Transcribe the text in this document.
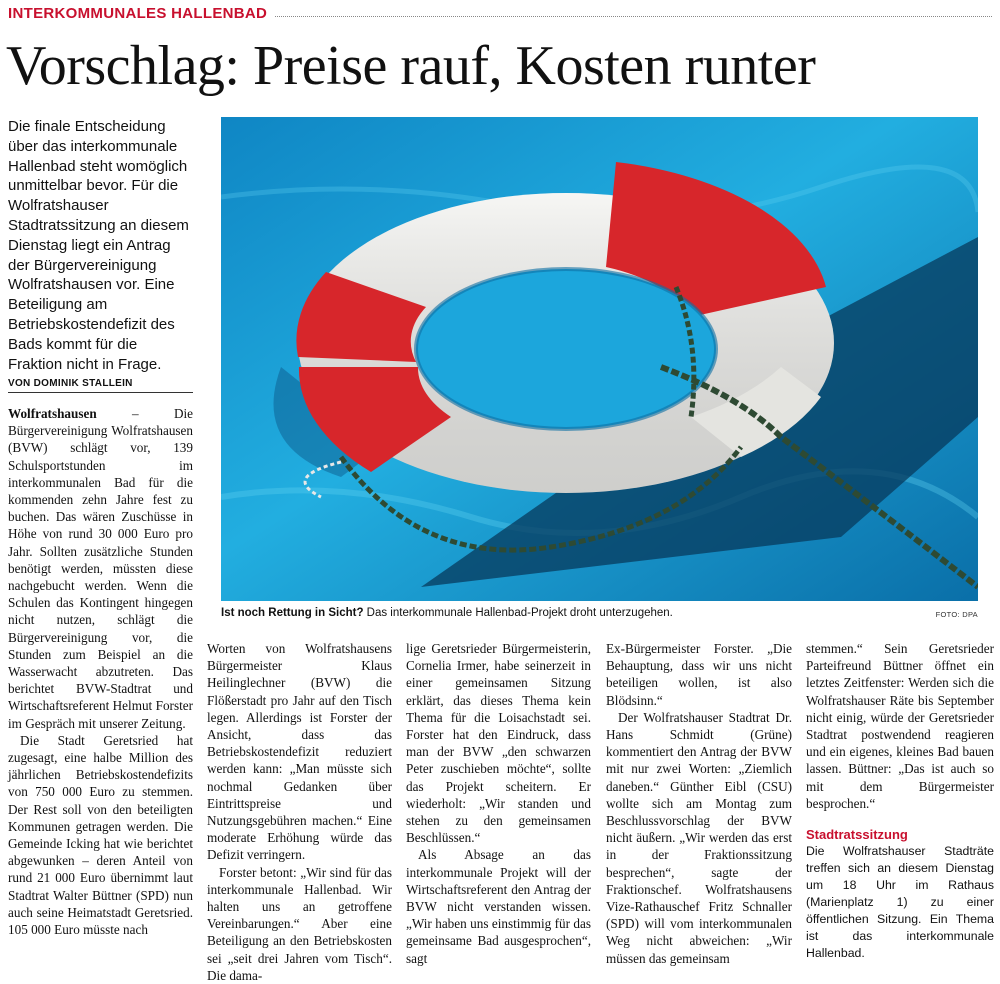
INTERKOMMUNALES HALLENBAD
Vorschlag: Preise rauf, Kosten runter
Die finale Entscheidung über das interkommunale Hallenbad steht womöglich unmittelbar bevor. Für die Wolfratshauser Stadtratssitzung an diesem Dienstag liegt ein Antrag der Bürgervereinigung Wolfratshausen vor. Eine Beteiligung am Betriebskostendefizit des Bads kommt für die Fraktion nicht in Frage.
VON DOMINIK STALLEIN
Ist noch Rettung in Sicht? Das interkommunale Hallenbad-Projekt droht unterzugehen.	FOTO: DPA

Wolfratshausen – Die Bürgervereinigung Wolfratshausen (BVW) schlägt vor, 139 Schulsportstunden im interkommunalen Bad für die kommenden zehn Jahre fest zu buchen. Das wären Zuschüsse in Höhe von rund 30 000 Euro pro Jahr. Sollten zusätzliche Stunden benötigt werden, müssten diese nachgebucht werden. Wenn die Schulen das Kontingent hingegen nicht nutzen, schlägt die Bürgervereinigung vor, die Stunden zum Beispiel an die Wasserwacht abzutreten. Das berichtet BVW-Stadtrat und Wirtschaftsreferent Helmut Forster im Gespräch mit unserer Zeitung.

Die Stadt Geretsried hat zugesagt, eine halbe Million des jährlichen Betriebskostendefizits von 750 000 Euro zu stemmen. Der Rest soll von den beteiligten Kommunen getragen werden. Die Gemeinde Icking hat wie berichtet abgewunken – deren Anteil von rund 21 000 Euro übernimmt laut Stadtrat Walter Büttner (SPD) nun auch seine Heimatstadt Geretsried. 105 000 Euro müsste nach

Worten von Wolfratshausens Bürgermeister Klaus Heilinglechner (BVW) die Flößerstadt pro Jahr auf den Tisch legen. Allerdings ist Forster der Ansicht, dass das Betriebskostendefizit reduziert werden kann: „Man müsste sich nochmal Gedanken über Eintrittspreise und Nutzungsgebühren machen.“ Eine moderate Erhöhung würde das Defizit verringern.

Forster betont: „Wir sind für das interkommunale Hallenbad. Wir halten uns an getroffene Vereinbarungen.“ Aber eine Beteiligung an den Betriebskosten sei „seit drei Jahren vom Tisch“. Die dama-

lige Geretsrieder Bürgermeisterin, Cornelia Irmer, habe seinerzeit in einer gemeinsamen Sitzung erklärt, das dieses Thema kein Thema für die Loisachstadt sei. Forster hat den Eindruck, dass man der BVW „den schwarzen Peter zuschieben möchte“, sollte das Projekt scheitern. Er wiederholt: „Wir standen und stehen zu den gemeinsamen Beschlüssen.“

Als Absage an das interkommunale Projekt will der Wirtschaftsreferent den Antrag der BVW nicht verstanden wissen. „Wir haben uns einstimmig für das gemeinsame Bad ausgesprochen“, sagt

Ex-Bürgermeister Forster. „Die Behauptung, dass wir uns nicht beteiligen wollen, ist also Blödsinn.“

Der Wolfratshauser Stadtrat Dr. Hans Schmidt (Grüne) kommentiert den Antrag der BVW mit nur zwei Worten: „Ziemlich daneben.“ Günther Eibl (CSU) wollte sich am Montag zum Beschlussvorschlag der BVW nicht äußern. „Wir werden das erst in der Fraktionssitzung besprechen“, sagte der Fraktionschef. Wolfratshausens Vize-Rathauschef Fritz Schnaller (SPD) will vom interkommunalen Weg nicht abweichen: „Wir müssen das gemeinsam

stemmen.“ Sein Geretsrieder Parteifreund Büttner öffnet ein letztes Zeitfenster: Werden sich die Wolfratshauser Räte bis September nicht einig, würde der Geretsrieder Stadtrat postwendend reagieren und ein eigenes, kleines Bad bauen lassen. Büttner: „Das ist auch so mit dem Bürgermeister besprochen.“

Stadtratssitzung

Die Wolfratshauser Stadträte treffen sich an diesem Dienstag um 18 Uhr im Rathaus (Marienplatz 1) zu einer öffentlichen Sitzung. Ein Thema ist das interkommunale Hallenbad.
